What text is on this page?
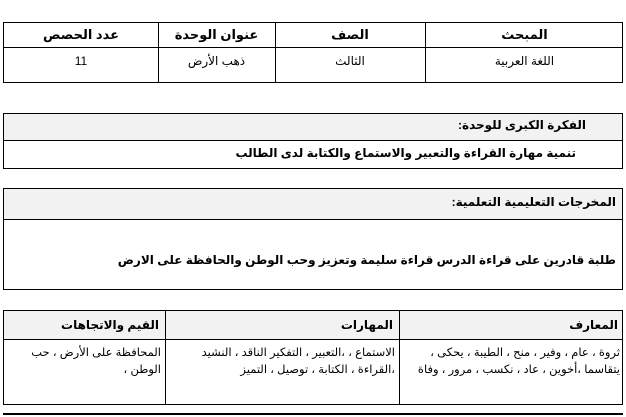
المبحث
الصف
عنوان الوحدة
عدد الحصص
اللغة العربية
الثالث
ذهب الأرض
11
الفكرة الكبرى للوحدة:
تنمية مهارة القراءة والتعبير والاستماع والكتابة لدى الطالب
المخرجات التعليمية التعلمية:
طلبة قادرين على قراءة الدرس قراءة سليمة وتعزيز وحب الوطن والحافظة على الارض
المعارف
المهارات
القيم والاتجاهات
ثروة ، عام ، وفير ، منح ، الطيبة ، يحكى ، يتقاسما ،أخوين ، عاد ، نكسب ، مرور ، وفاة
الاستماع ، ،التعبير ، التفكير الناقد ، النشيد ،القراءة ، الكتابة ، توصيل ، التميز
المحافظة على الأرض ، حب الوطن ،
